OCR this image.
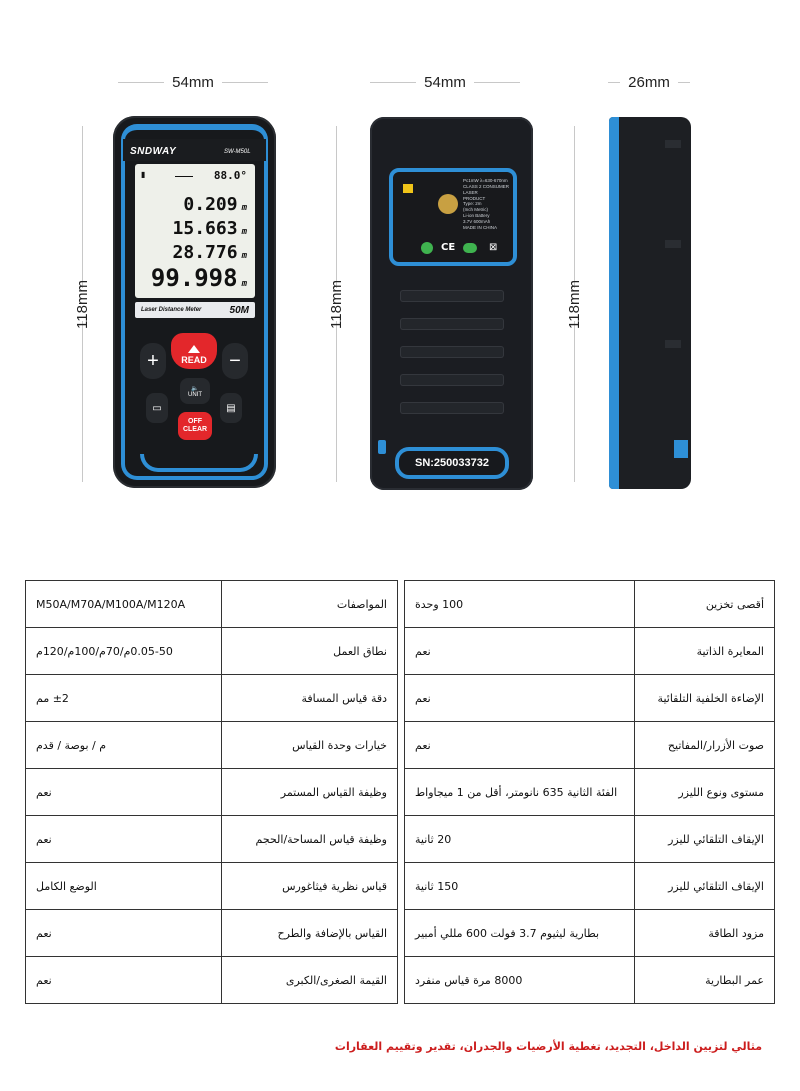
54mm	54mm	26mm
118mm	118mm	118mm
SNDWAY	SW-M50L
▮	88.0°
0.209 m
15.663 m
28.776 m
99.998 m
Laser Distance Meter	50M
+	READ	−
🔈
UNIT
▭	▤
OFF
CLEAR
Pc1mW λ=630-670nm
CLASS 2 CONSUMER LASER
PRODUCT
Type: 2m
(Inch Metric)
Li-ion Battery
3.7V 600mAh
MADE IN CHINA
CE	⊠
SN:250033732
المواصفات	M50A/M70A/M100A/M120A
نطاق العمل	0.05-50م/70م/100م/120م
دقة قياس المسافة	±2 مم
خيارات وحدة القياس	م / بوصة / قدم
وظيفة القياس المستمر	نعم
وظيفة قياس المساحة/الحجم	نعم
قياس نظرية فيثاغورس	الوضع الكامل
القياس بالإضافة والطرح	نعم
القيمة الصغرى/الكبرى	نعم
أقصى تخزين	100 وحدة
المعايرة الذاتية	نعم
الإضاءة الخلفية التلقائية	نعم
صوت الأزرار/المفاتيح	نعم
مستوى ونوع الليزر	الفئة الثانية 635 نانومتر، أقل من 1 ميجاواط
الإيقاف التلقائي لليزر	20 ثانية
الإيقاف التلقائي لليزر	150 ثانية
مزود الطاقة	بطارية ليثيوم 3.7 فولت 600 مللي أمبير
عمر البطارية	8000 مرة قياس منفرد
مثالي لتزيين الداخل، التجديد، تغطية الأرضيات والجدران، تقدير وتقييم العقارات
